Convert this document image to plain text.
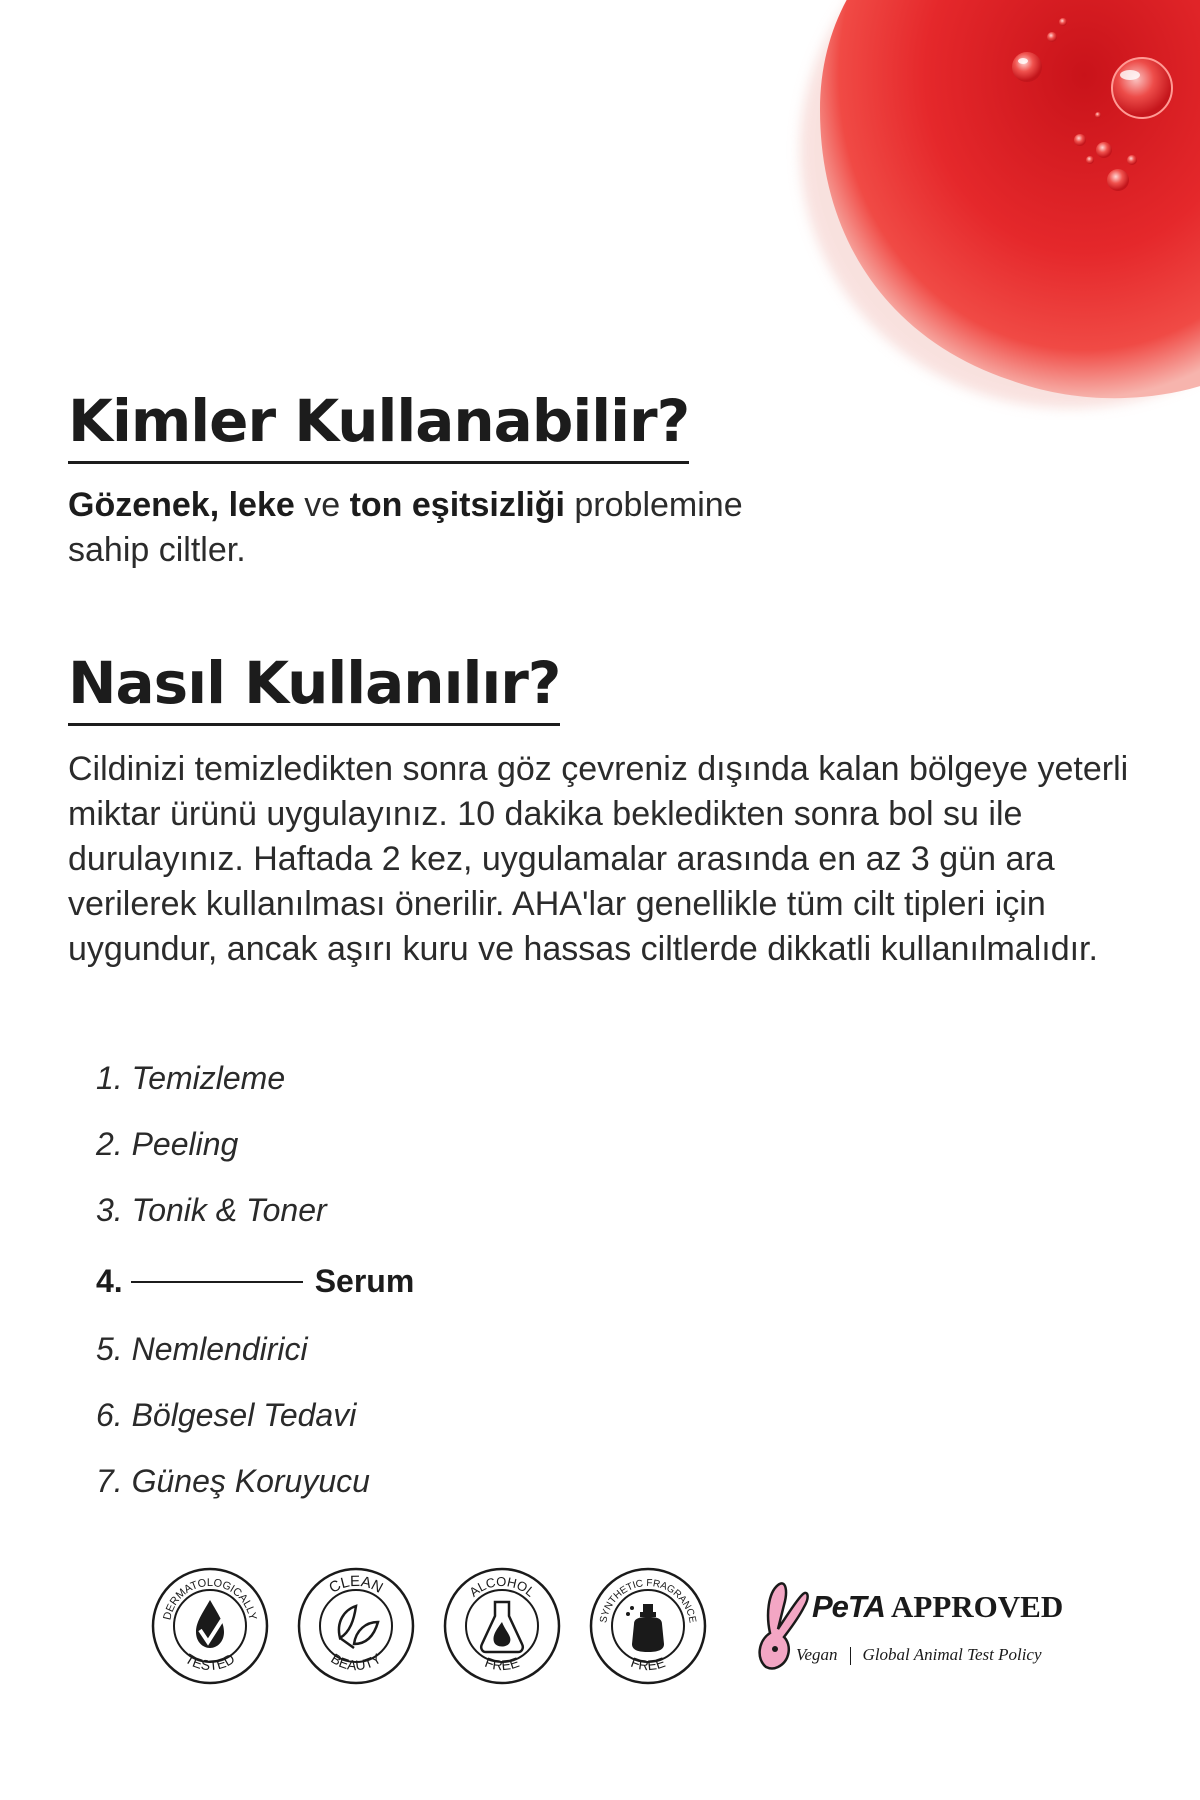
Kimler Kullanabilir?

Gözenek, leke ve ton eşitsizliği problemine sahip ciltler.

Nasıl Kullanılır?

Cildinizi temizledikten sonra göz çevreniz dışında kalan bölgeye yeterli miktar ürünü uygulayınız. 10 dakika bekledikten sonra bol su ile durulayınız. Haftada 2 kez, uygulamalar arasında en az 3 gün ara verilerek kullanılması önerilir. AHA'lar genellikle tüm cilt tipleri için uygundur, ancak aşırı kuru ve hassas ciltlerde dikkatli kullanılmalıdır.

1. Temizleme
2. Peeling
3. Tonik & Toner
4.	Serum
5. Nemlendirici
6. Bölgesel Tedavi
7. Güneş Koruyucu
DERMATOLOGICALLY
TESTED
CLEAN
BEAUTY
ALCOHOL
FREE
SYNTHETIC FRAGRANCE
FREE
PeTA APPROVED
Vegan Global Animal Test Policy
